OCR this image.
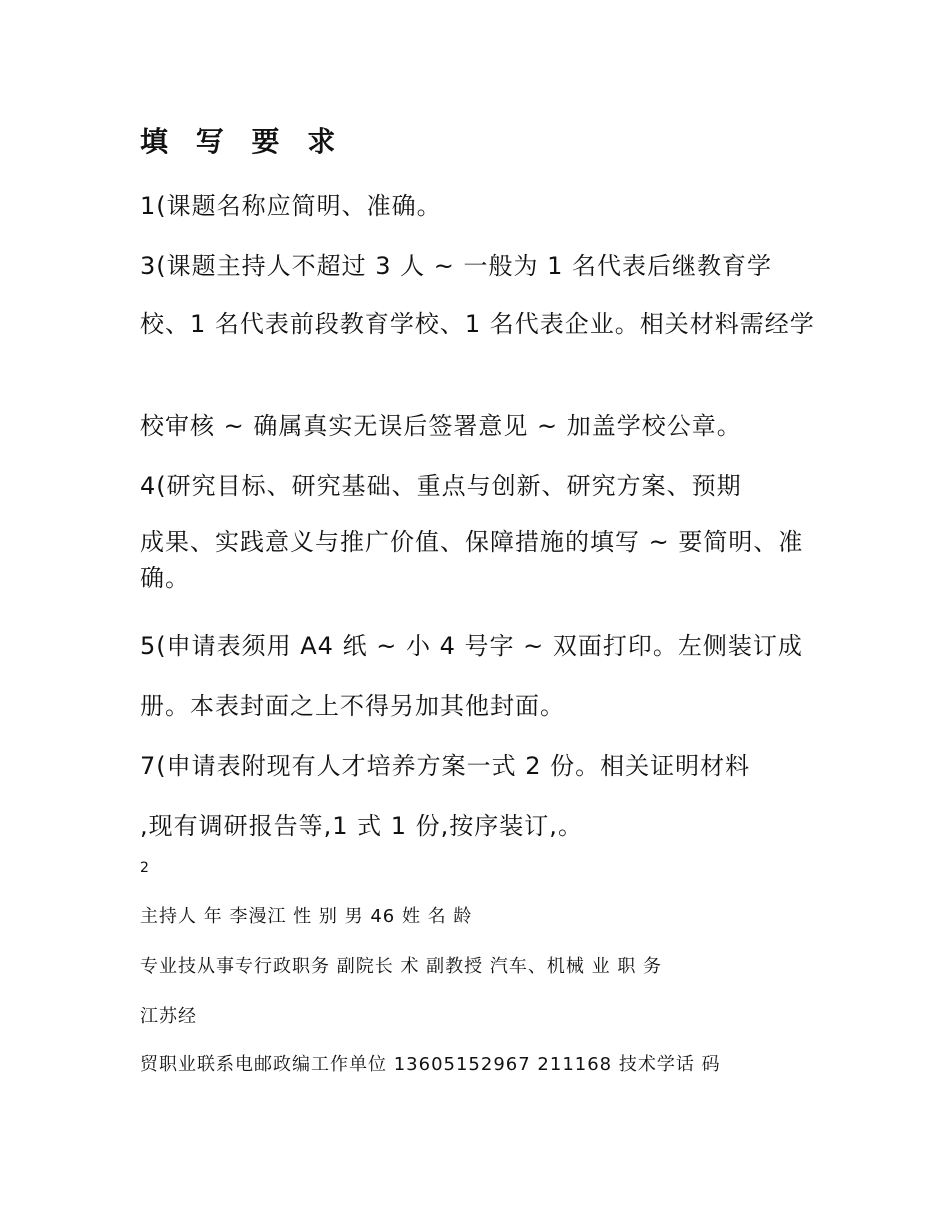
填 写 要 求

1(课题名称应简明、准确。

3(课题主持人不超过 3 人 ~ 一般为 1 名代表后继教育学

校、1 名代表前段教育学校、1 名代表企业。相关材料需经学

校审核 ~ 确属真实无误后签署意见 ~ 加盖学校公章。

4(研究目标、研究基础、重点与创新、研究方案、预期

成果、实践意义与推广价值、保障措施的填写 ~ 要简明、准确。

5(申请表须用 A4 纸 ~ 小 4 号字 ~ 双面打印。左侧装订成

册。本表封面之上不得另加其他封面。

7(申请表附现有人才培养方案一式 2 份。相关证明材料

,现有调研报告等,1 式 1 份,按序装订,。

2

主持人 年 李漫江 性 别 男 46 姓 名 龄

专业技从事专行政职务 副院长 术 副教授 汽车、机械 业 职 务

江苏经

贸职业联系电邮政编工作单位 13605152967 211168 技术学话 码
